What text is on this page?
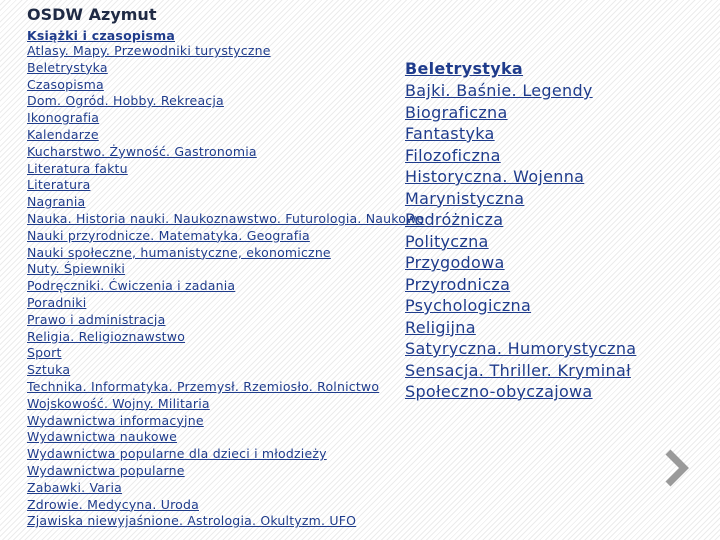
OSDW Azymut
Książki i czasopisma
Atlasy. Mapy. Przewodniki turystyczne
Beletrystyka
Czasopisma
Dom. Ogród. Hobby. Rekreacja
Ikonografia
Kalendarze
Kucharstwo. Żywność. Gastronomia
Literatura faktu
Literatura
Nagrania
Nauka. Historia nauki. Naukoznawstwo. Futurologia. Naukowe
Nauki przyrodnicze. Matematyka. Geografia
Nauki społeczne, humanistyczne, ekonomiczne
Nuty. Śpiewniki
Podręczniki. Ćwiczenia i zadania
Poradniki
Prawo i administracja
Religia. Religioznawstwo
Sport
Sztuka
Technika. Informatyka. Przemysł. Rzemiosło. Rolnictwo
Wojskowość. Wojny. Militaria
Wydawnictwa informacyjne
Wydawnictwa naukowe
Wydawnictwa popularne dla dzieci i młodzieży
Wydawnictwa popularne
Zabawki. Varia
Zdrowie. Medycyna. Uroda
Zjawiska niewyjaśnione. Astrologia. Okultyzm. UFO
Beletrystyka
Bajki. Baśnie. Legendy
Biograficzna
Fantastyka
Filozoficzna
Historyczna. Wojenna
Marynistyczna
Podróżnicza
Polityczna
Przygodowa
Przyrodnicza
Psychologiczna
Religijna
Satyryczna. Humorystyczna
Sensacja. Thriller. Kryminał
Społeczno-obyczajowa
